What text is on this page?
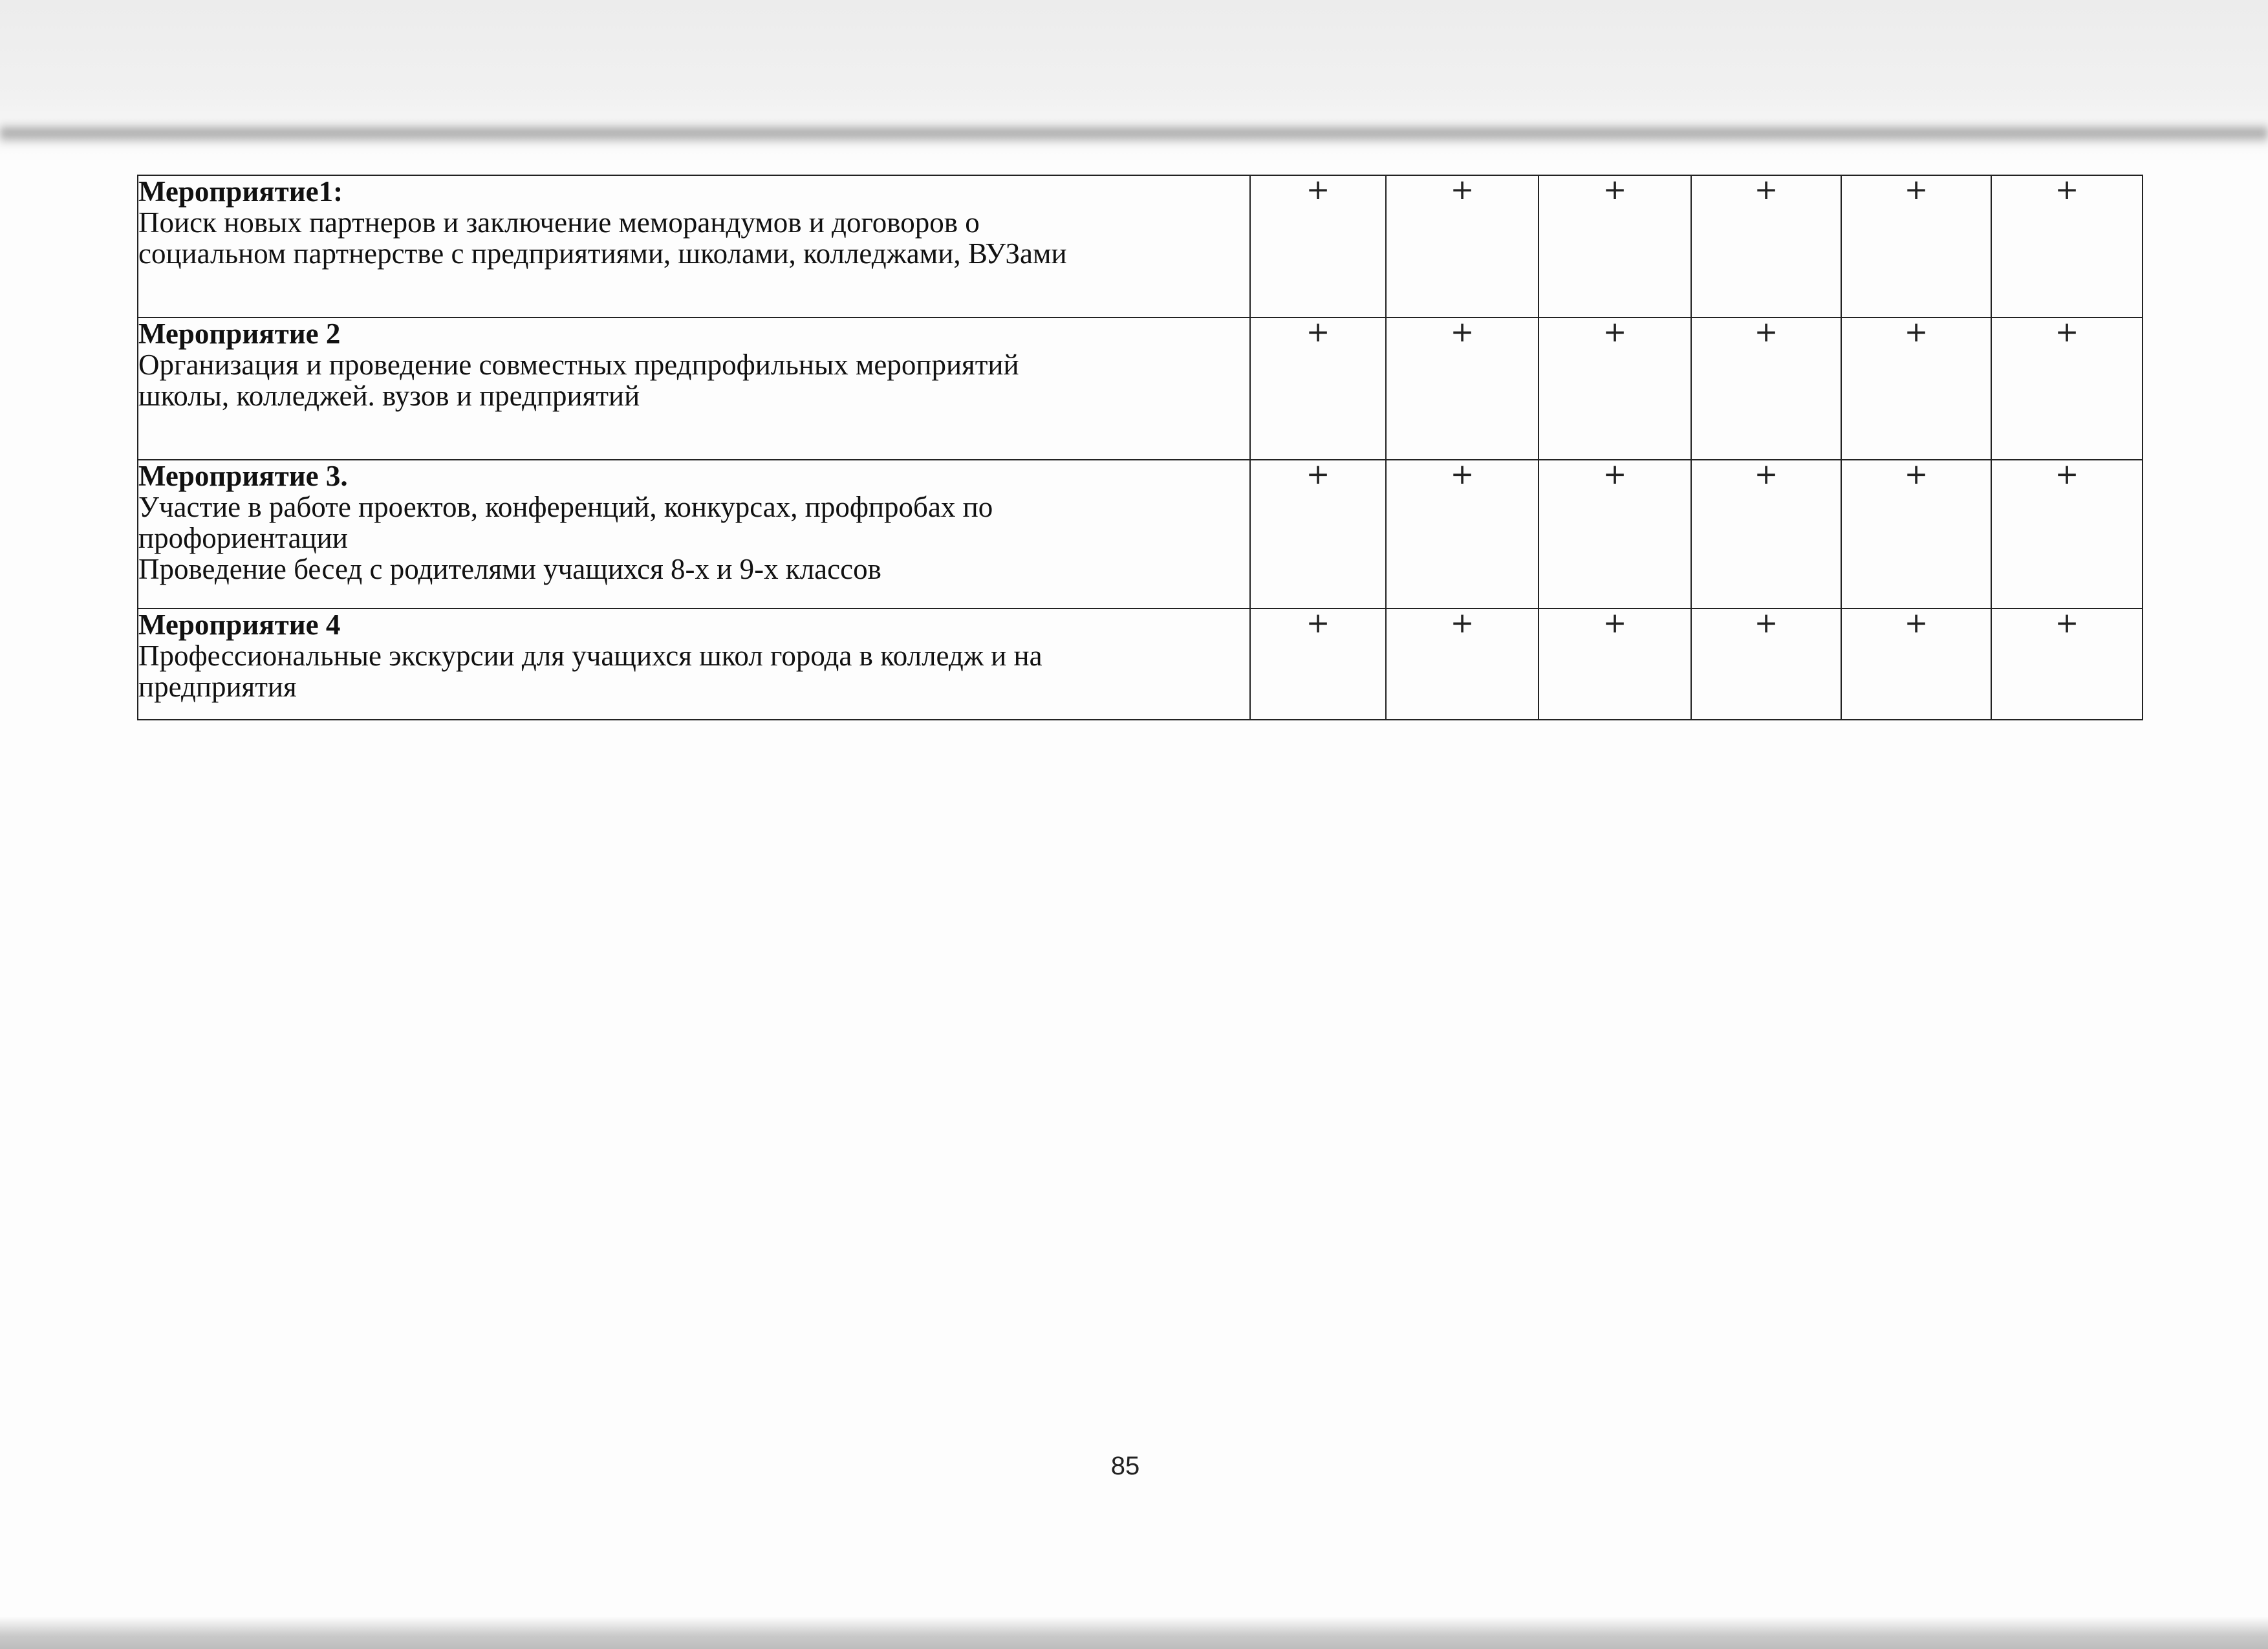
Мероприятие1:
Поиск новых партнеров и заключение меморандумов и договоров о
социальном партнерстве с предприятиями, школами, колледжами, ВУЗами	+	+	+	+	+	+

Мероприятие 2
Организация и проведение совместных предпрофильных мероприятий
школы, колледжей. вузов и предприятий	+	+	+	+	+	+

Мероприятие 3.
Участие в работе проектов, конференций, конкурсах, профпробах по
профориентации
Проведение бесед с родителями учащихся 8-х и 9-х классов	+	+	+	+	+	+

Мероприятие 4
Профессиональные экскурсии для учащихся школ города в колледж и на
предприятия	+	+	+	+	+	+
85
